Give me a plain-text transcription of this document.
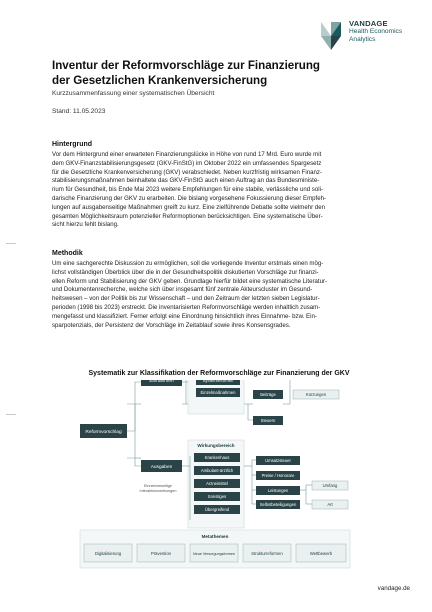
VANDAGE
Health Economics
Analytics
Inventur der Reformvorschläge zur Finanzierung
der Gesetzlichen Krankenversicherung
Kurzzusammenfassung einer systematischen Übersicht
Stand: 11.05.2023
Hintergrund
Vor dem Hintergrund einer erwarteten Finanzierungslücke in Höhe von rund 17 Mrd. Euro wurde mit
dem GKV-Finanzstabilisierungsgesetz (GKV-FinStG) im Oktober 2022 ein umfassendes Spargesetz
für die Gesetzliche Krankenversicherung (GKV) verabschiedet. Neben kurzfristig wirksamen Finanz-
stabilisierungsmaßnahmen beinhaltete das GKV-FinStG auch einen Auftrag an das Bundesministe-
rium für Gesundheit, bis Ende Mai 2023 weitere Empfehlungen für eine stabile, verlässliche und soli-
darische Finanzierung der GKV zu erarbeiten. Die bislang vorgesehene Fokussierung dieser Empfeh-
lungen auf ausgabenseitige Maßnahmen greift zu kurz. Eine zielführende Debatte sollte vielmehr den
gesamten Möglichkeitsraum potenzieller Reformoptionen berücksichtigen. Eine systematische Über-
sicht hierzu fehlt bislang.
Methodik
Um eine sachgerechte Diskussion zu ermöglichen, soll die vorliegende Inventur erstmals einen mög-
lichst vollständigen Überblick über die in der Gesundheitspolitik diskutierten Vorschläge zur finanzi-
ellen Reform und Stabilisierung der GKV geben. Grundlage hierfür bildet eine systematische Literatur-
und Dokumentenrecherche, welche sich über insgesamt fünf zentrale Akteurscluster im Gesund-
heitswesen – von der Politik bis zur Wissenschaft – und den Zeitraum der letzten sieben Legislatur-
perioden (1998 bis 2023) erstreckt. Die inventarisierten Reformvorschläge werden inhaltlich zusam-
mengefasst und klassifiziert. Ferner erfolgt eine Einordnung hinsichtlich ihres Einnahme- bzw. Ein-
sparpotenzials, der Persistenz der Vorschläge im Zeitablauf sowie ihres Konsensgrades.
Systematik zur Klassifikation der Reformvorschläge zur Finanzierung der GKV
Reformvorschlag
Einnahmen
Ausgaben
Systemreformen
Einzelmaßnahmen	Beiträge
Steuern
Kürzungen
Wirkungsbereich
Krankenhaus
Ambulant-ärztlich
Arzneimittel
Sonstiges
Übergreifend
Umsatzsteuer
Preise / Honorare
Leistungen
Selbstbeteiligungen
Umfang
Art
Einnahmeseitige
Interaktionswirkungen
Metathemen
Digitalisierung	Prävention	Neue Versorgungsformen	Strukturreformen	Wettbewerb
vandage.de
